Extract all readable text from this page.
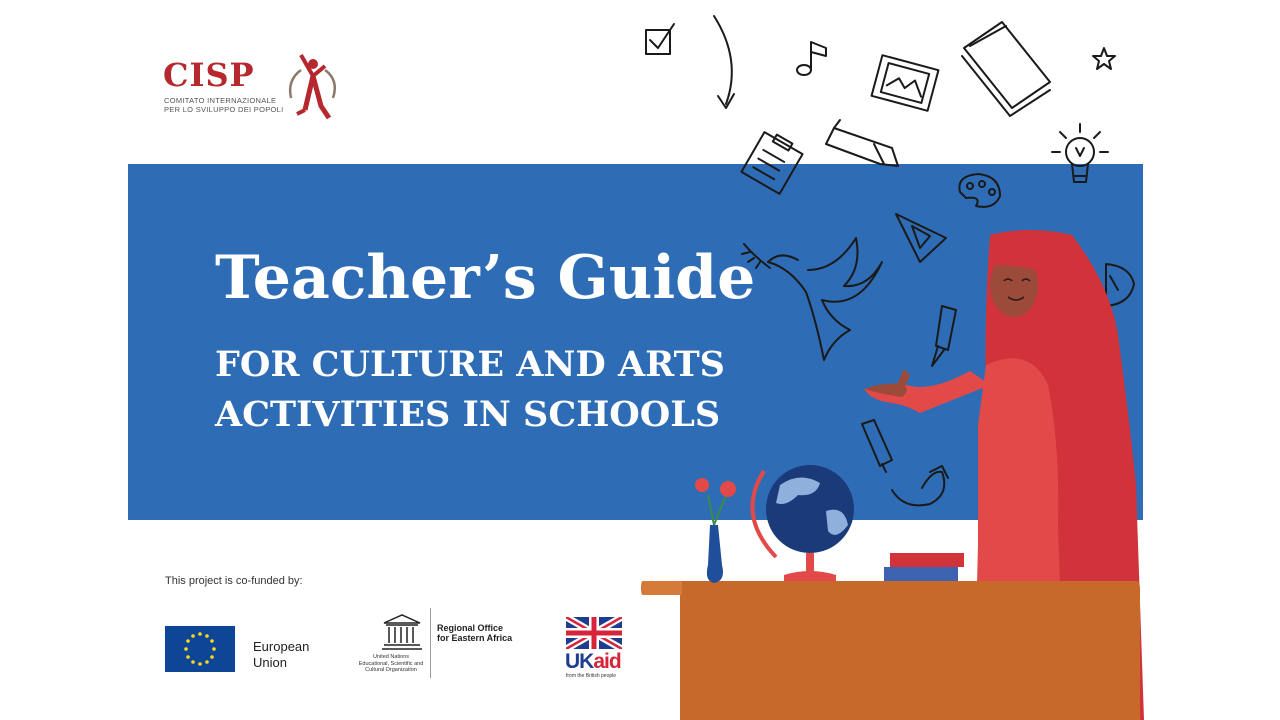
CISP
COMITATO INTERNAZIONALE
PER LO SVILUPPO DEI POPOLI
Teacher’s Guide
FOR CULTURE AND ARTS
ACTIVITIES IN SCHOOLS
This project is co-funded by:
European
Union	United Nations
Educational, Scientific and
Cultural Organization
Regional Office
for Eastern Africa
UKaid
from the British people
